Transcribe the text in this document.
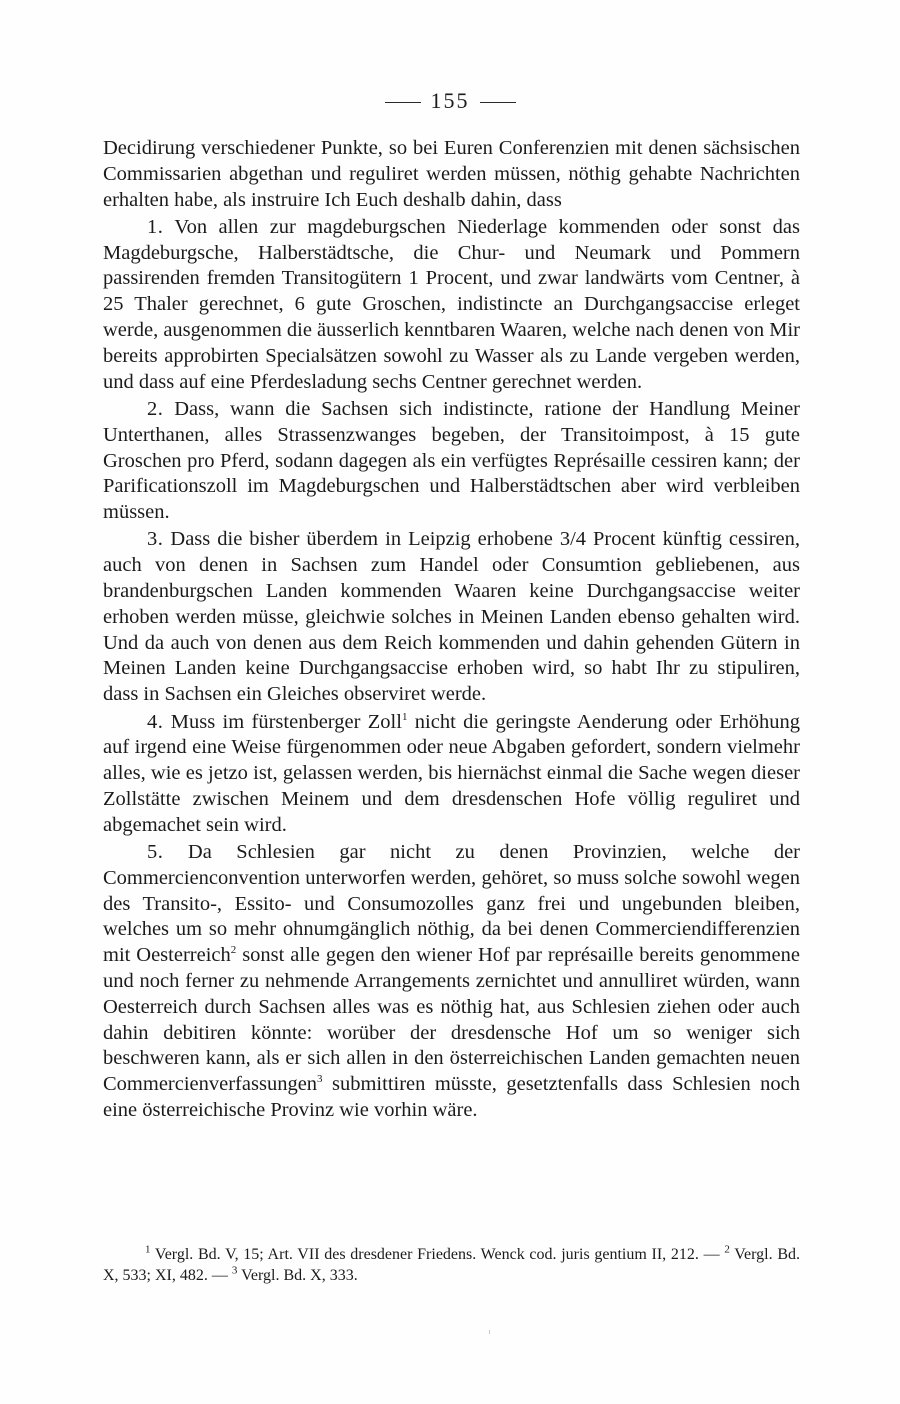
155

Decidirung verschiedener Punkte, so bei Euren Conferenzien mit denen sächsischen Commissarien abgethan und reguliret werden müssen, nöthig gehabte Nachrichten erhalten habe, als instruire Ich Euch deshalb dahin, dass

1. Von allen zur magdeburgschen Niederlage kommenden oder sonst das Magdeburgsche, Halberstädtsche, die Chur- und Neumark und Pommern passirenden fremden Transitogütern 1 Procent, und zwar landwärts vom Centner, à 25 Thaler gerechnet, 6 gute Groschen, indistincte an Durchgangsaccise erleget werde, ausgenommen die äusserlich kenntbaren Waaren, welche nach denen von Mir bereits approbirten Specialsätzen sowohl zu Wasser als zu Lande vergeben werden, und dass auf eine Pferdesladung sechs Centner gerechnet werden.

2. Dass, wann die Sachsen sich indistincte, ratione der Handlung Meiner Unterthanen, alles Strassenzwanges begeben, der Transitoimpost, à 15 gute Groschen pro Pferd, sodann dagegen als ein verfügtes Représaille cessiren kann; der Parificationszoll im Magdeburgschen und Halberstädtschen aber wird verbleiben müssen.

3. Dass die bisher überdem in Leipzig erhobene 3/4 Procent künftig cessiren, auch von denen in Sachsen zum Handel oder Consumtion gebliebenen, aus brandenburgschen Landen kommenden Waaren keine Durchgangsaccise weiter erhoben werden müsse, gleichwie solches in Meinen Landen ebenso gehalten wird. Und da auch von denen aus dem Reich kommenden und dahin gehenden Gütern in Meinen Landen keine Durchgangsaccise erhoben wird, so habt Ihr zu stipuliren, dass in Sachsen ein Gleiches observiret werde.

4. Muss im fürstenberger Zoll$^1$ nicht die geringste Aenderung oder Erhöhung auf irgend eine Weise fürgenommen oder neue Abgaben gefordert, sondern vielmehr alles, wie es jetzo ist, gelassen werden, bis hiernächst einmal die Sache wegen dieser Zollstätte zwischen Meinem und dem dresdenschen Hofe völlig reguliret und abgemachet sein wird.

5. Da Schlesien gar nicht zu denen Provinzien, welche der Commercienconvention unterworfen werden, gehöret, so muss solche sowohl wegen des Transito-, Essito- und Consumozolles ganz frei und ungebunden bleiben, welches um so mehr ohnumgänglich nöthig, da bei denen Commerciendifferenzien mit Oesterreich$^2$ sonst alle gegen den wiener Hof par représaille bereits genommene und noch ferner zu nehmende Arrangements zernichtet und annulliret würden, wann Oesterreich durch Sachsen alles was es nöthig hat, aus Schlesien ziehen oder auch dahin debitiren könnte: worüber der dresdensche Hof um so weniger sich beschweren kann, als er sich allen in den österreichischen Landen gemachten neuen Commercienverfassungen$^3$ submittiren müsste, gesetztenfalls dass Schlesien noch eine österreichische Provinz wie vorhin wäre.

$^1$ Vergl. Bd. V, 15; Art. VII des dresdener Friedens. Wenck cod. juris gentium II, 212. — $^2$ Vergl. Bd. X, 533; XI, 482. — $^3$ Vergl. Bd. X, 333.
